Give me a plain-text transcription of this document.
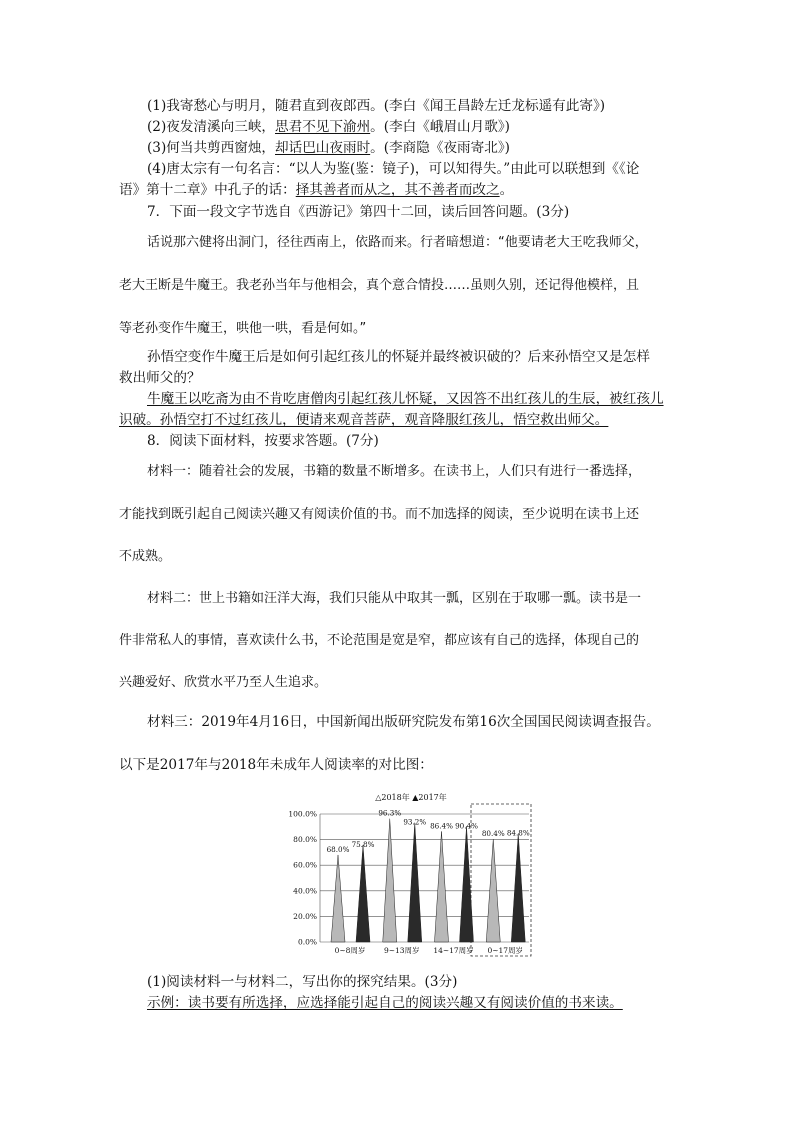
(1)我寄愁心与明月，随君直到夜郎西。(李白《闻王昌龄左迁龙标遥有此寄》)
(2)夜发清溪向三峡，思君不见下渝州。(李白《峨眉山月歌》)
(3)何当共剪西窗烛，却话巴山夜雨时。(李商隐《夜雨寄北》)
(4)唐太宗有一句名言：“以人为鉴(鉴：镜子)，可以知得失。”由此可以联想到《《论
语》第十二章》中孔子的话：择其善者而从之，其不善者而改之。
7．下面一段文字节选自《西游记》第四十二回，读后回答问题。(3分)
话说那六健将出洞门，径往西南上，依路而来。行者暗想道：“他要请老大王吃我师父，
老大王断是牛魔王。我老孙当年与他相会，真个意合情投……虽则久别，还记得他模样，且
等老孙变作牛魔王，哄他一哄，看是何如。”
孙悟空变作牛魔王后是如何引起红孩儿的怀疑并最终被识破的？后来孙悟空又是怎样
救出师父的？
牛魔王以吃斋为由不肯吃唐僧肉引起红孩儿怀疑，又因答不出红孩儿的生辰，被红孩儿
识破。孙悟空打不过红孩儿，便请来观音菩萨，观音降服红孩儿，悟空救出师父。
8．阅读下面材料，按要求答题。(7分)
材料一：随着社会的发展，书籍的数量不断增多。在读书上，人们只有进行一番选择，
才能找到既引起自己阅读兴趣又有阅读价值的书。而不加选择的阅读，至少说明在读书上还
不成熟。
材料二：世上书籍如汪洋大海，我们只能从中取其一瓢，区别在于取哪一瓢。读书是一
件非常私人的事情，喜欢读什么书，不论范围是宽是窄，都应该有自己的选择，体现自己的
兴趣爱好、欣赏水平乃至人生追求。
材料三：2019年4月16日，中国新闻出版研究院发布第16次全国国民阅读调查报告。
以下是2017年与2018年未成年人阅读率的对比图：
△2018年 ▲2017年
0.0%
20.0%
40.0%
60.0%
80.0%
100.0%
68.0%
75.8%
96.3%
93.2% 86.4% 90.4%
80.4% 84.8%
0~8周岁 9~13周岁 14~17周岁 0~17周岁
(1)阅读材料一与材料二，写出你的探究结果。(3分)
示例：读书要有所选择，应选择能引起自己的阅读兴趣又有阅读价值的书来读。
